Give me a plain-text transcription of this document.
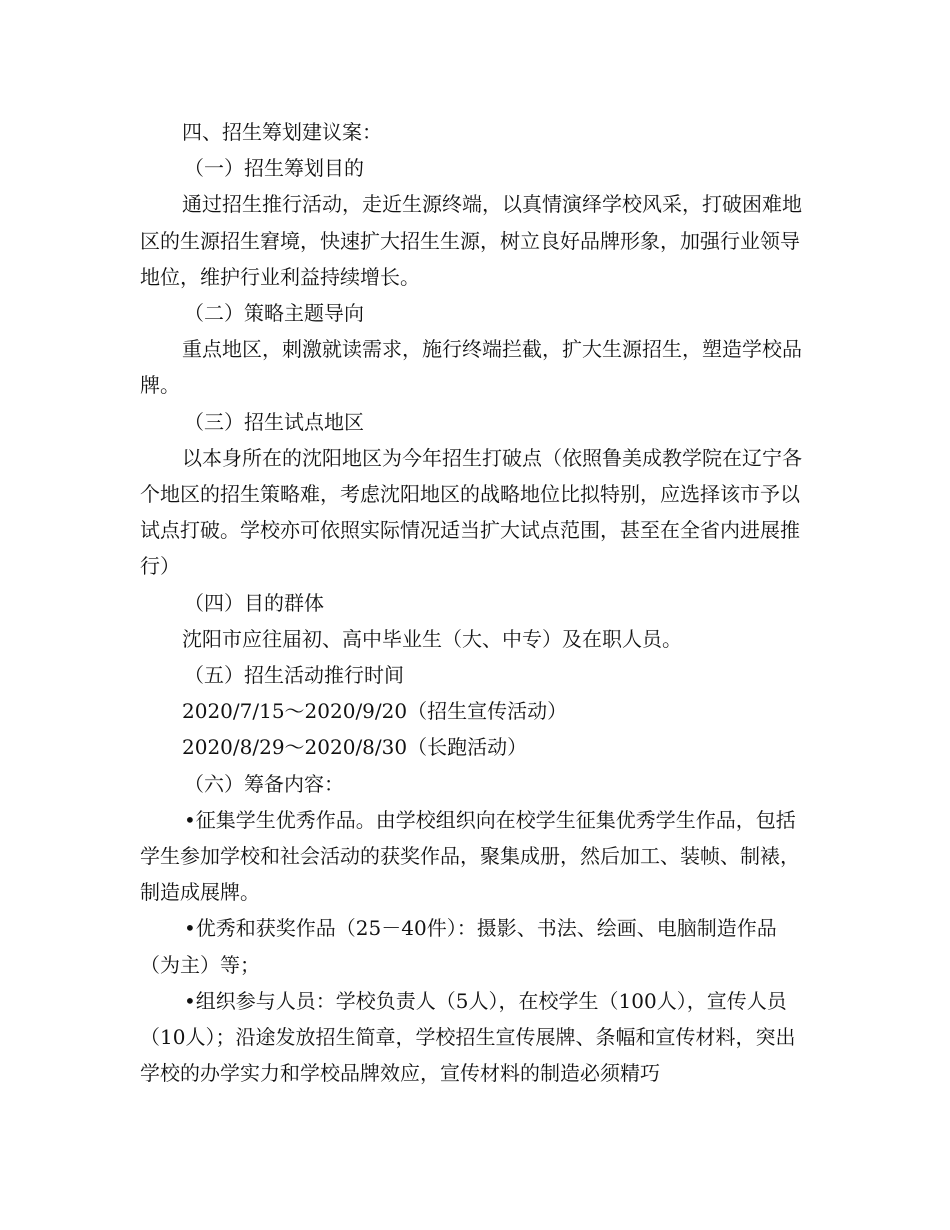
四、招生筹划建议案：

（一）招生筹划目的

通过招生推行活动，走近生源终端，以真情演绎学校风采，打破困难地区的生源招生窘境，快速扩大招生生源，树立良好品牌形象，加强行业领导地位，维护行业利益持续增长。

（二）策略主题导向

重点地区，刺激就读需求，施行终端拦截，扩大生源招生，塑造学校品牌。

（三）招生试点地区

以本身所在的沈阳地区为今年招生打破点（依照鲁美成教学院在辽宁各个地区的招生策略难，考虑沈阳地区的战略地位比拟特别，应选择该市予以试点打破。学校亦可依照实际情况适当扩大试点范围，甚至在全省内进展推行）

（四）目的群体

沈阳市应往届初、高中毕业生（大、中专）及在职人员。

（五）招生活动推行时间

2020/7/15～2020/9/20（招生宣传活动）

2020/8/29～2020/8/30（长跑活动）

（六）筹备内容：

•征集学生优秀作品。由学校组织向在校学生征集优秀学生作品，包括学生参加学校和社会活动的获奖作品，聚集成册，然后加工、装帧、制裱，制造成展牌。

•优秀和获奖作品（25－40件）：摄影、书法、绘画、电脑制造作品（为主）等；

•组织参与人员：学校负责人（5人），在校学生（100人），宣传人员（10人）；沿途发放招生简章，学校招生宣传展牌、条幅和宣传材料，突出学校的办学实力和学校品牌效应，宣传材料的制造必须精巧
